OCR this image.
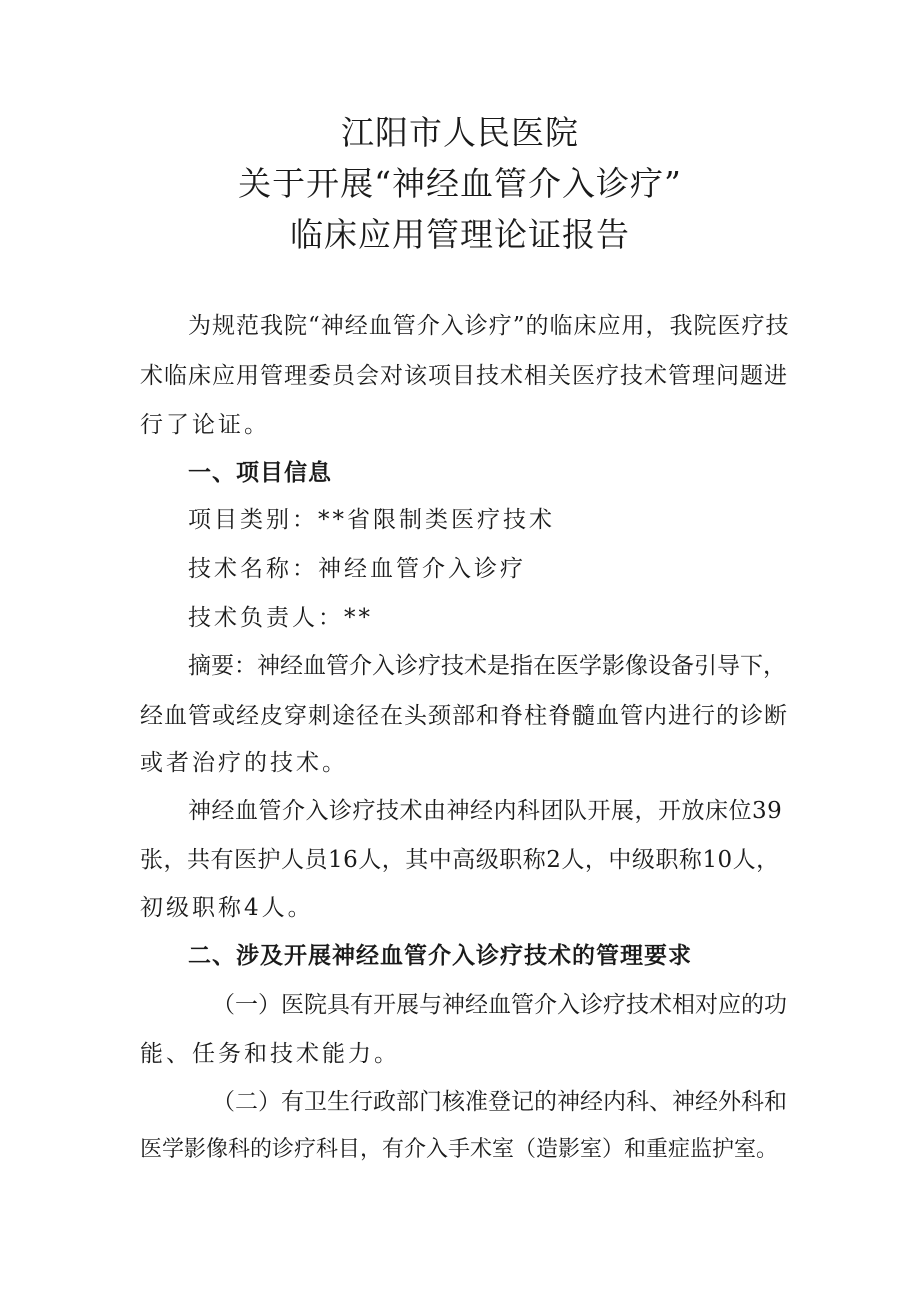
江阳市人民医院
关于开展“神经血管介入诊疗”
临床应用管理论证报告
为规范我院“神经血管介入诊疗”的临床应用，我院医疗技
术临床应用管理委员会对该项目技术相关医疗技术管理问题进
行了论证。
一、项目信息
项目类别：**省限制类医疗技术
技术名称：神经血管介入诊疗
技术负责人：**
摘要：神经血管介入诊疗技术是指在医学影像设备引导下，
经血管或经皮穿刺途径在头颈部和脊柱脊髓血管内进行的诊断
或者治疗的技术。
神经血管介入诊疗技术由神经内科团队开展，开放床位39
张，共有医护人员16人，其中高级职称2人，中级职称10人，
初级职称4人。
二、涉及开展神经血管介入诊疗技术的管理要求
（一）医院具有开展与神经血管介入诊疗技术相对应的功
能、任务和技术能力。
（二）有卫生行政部门核准登记的神经内科、神经外科和
医学影像科的诊疗科目，有介入手术室（造影室）和重症监护室。
